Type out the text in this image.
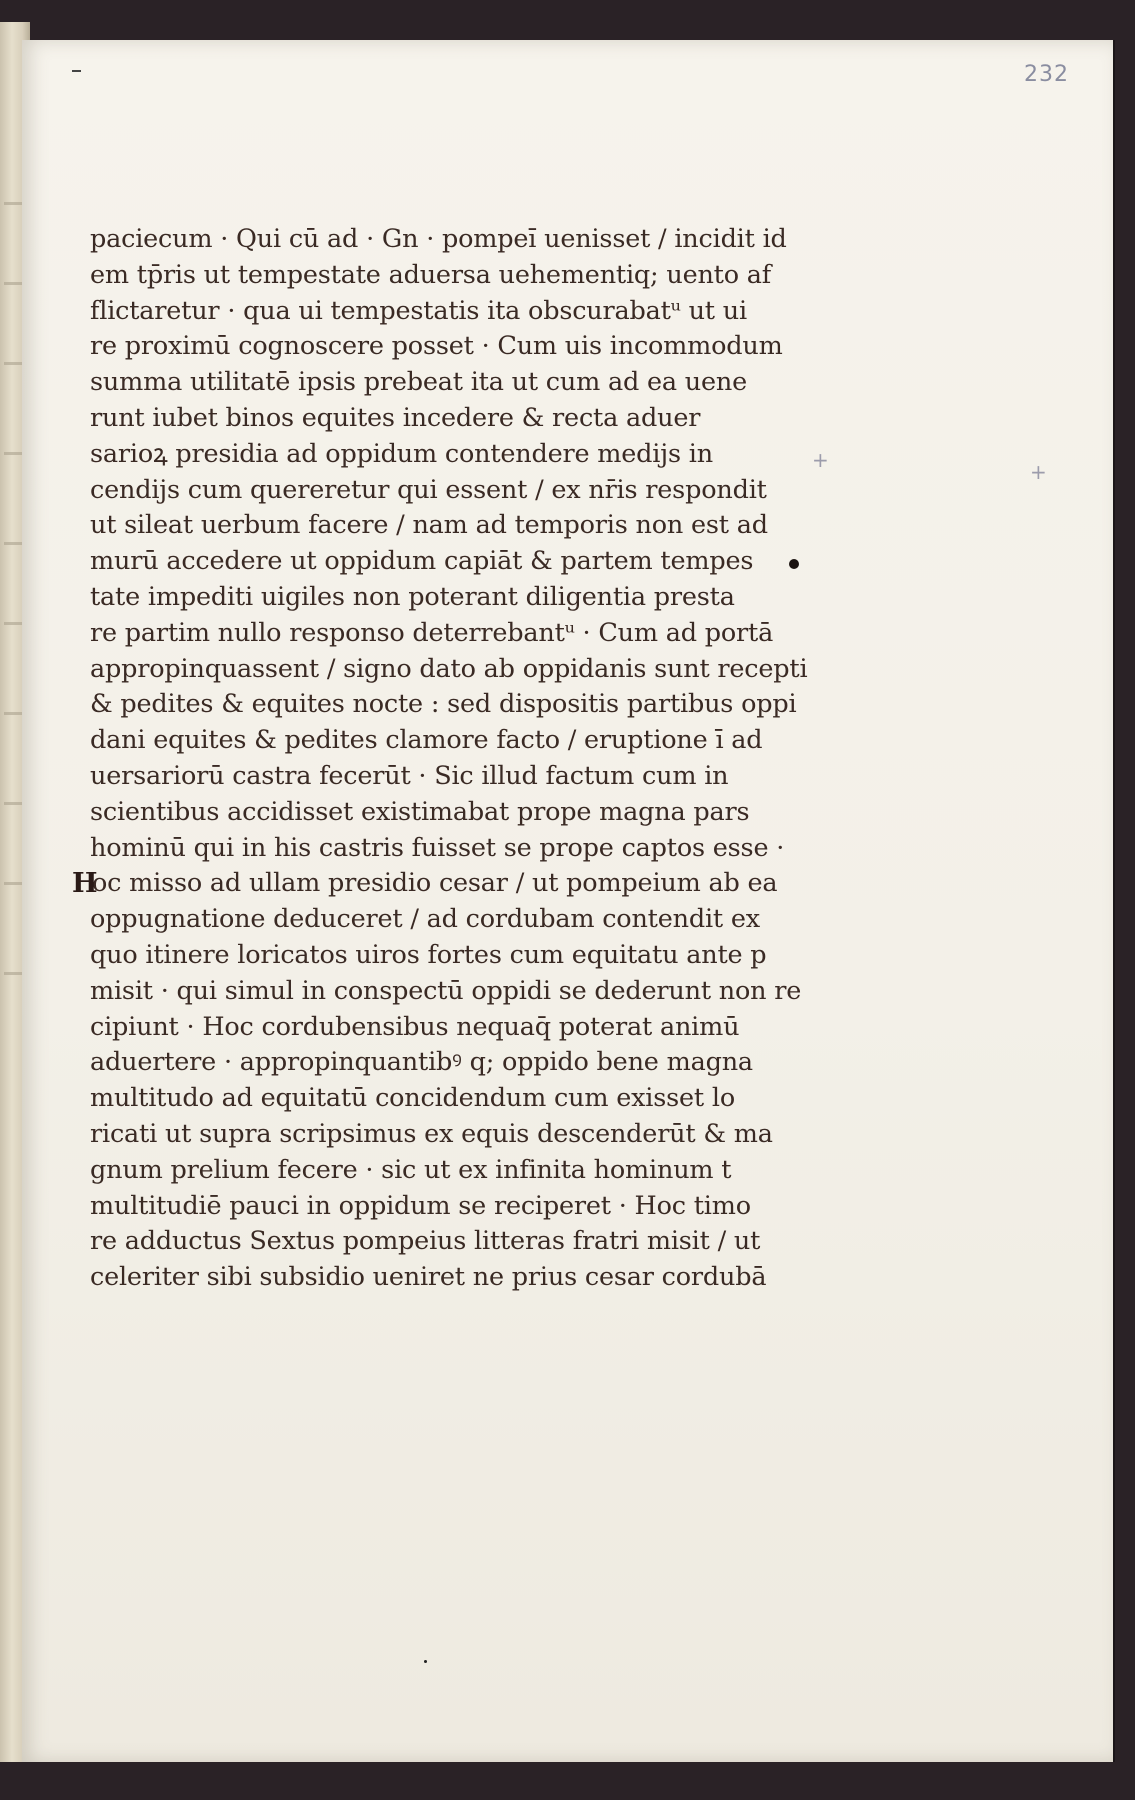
232
paciecum · Qui cū ad · Gn · pompeı̄ uenisset / incidit id
em tp̄ris ut tempestate aduersa uehementiq; uento af
flictaretur · qua ui tempestatis ita obscurabatᵘ ut ui
re proximū cognoscere posset · Cum uis incommodum
summa utilitatē ipsis prebeat ita ut cum ad ea uene
runt iubet binos equites incedere & recta aduer
sarioꝝ presidia ad oppidum contendere medijs in
cendijs cum quereretur qui essent / ex nr̄is respondit
ut sileat uerbum facere / nam ad temporis non est ad
murū accedere ut oppidum capiāt & partem tempes
tate impediti uigiles non poterant diligentia presta
re partim nullo responso deterrebantᵘ · Cum ad portā
appropinquassent / signo dato ab oppidanis sunt recepti
& pedites & equites nocte : sed dispositis partibus oppi
dani equites & pedites clamore facto / eruptione ī ad
uersariorū castra fecerūt · Sic illud factum cum in
scientibus accidisset existimabat prope magna pars
hominū qui in his castris fuisset se prope captos esse ·
H
oc misso ad ullam presidio cesar / ut pompeium ab ea
oppugnatione deduceret / ad cordubam contendit ex
quo itinere loricatos uiros fortes cum equitatu ante p
misit · qui simul in conspectū oppidi se dederunt non re
cipiunt · Hoc cordubensibus nequaq̄ poterat animū
aduertere · appropinquantibꝰ q; oppido bene magna
multitudo ad equitatū concidendum cum exisset lo
ricati ut supra scripsimus ex equis descenderūt & ma
gnum prelium fecere · sic ut ex infinita hominum t
multitudiē pauci in oppidum se reciperet · Hoc timo
re adductus Sextus pompeius litteras fratri misit / ut
celeriter sibi subsidio ueniret ne prius cesar cordubā
+	+
